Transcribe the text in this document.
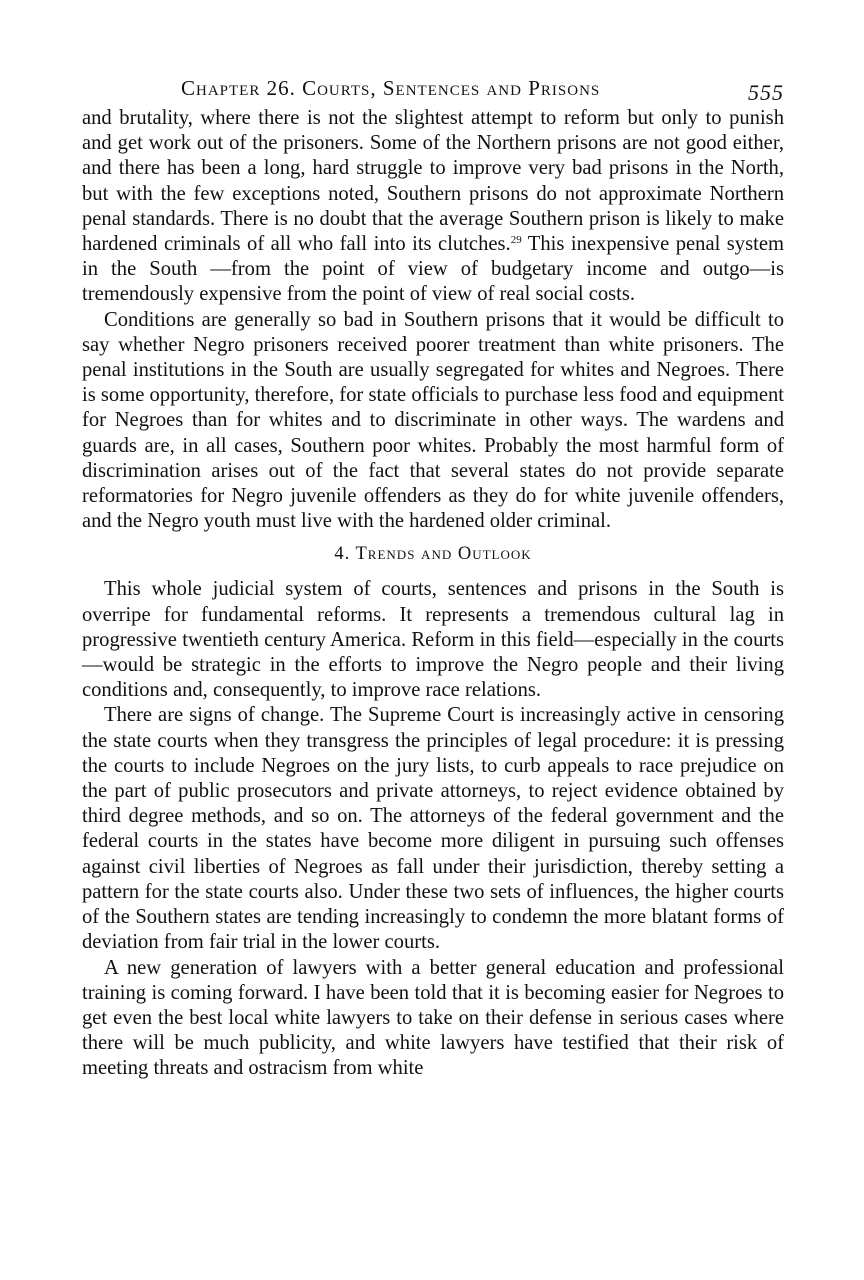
Chapter 26. Courts, Sentences and Prisons	555

and brutality, where there is not the slightest attempt to reform but only to punish and get work out of the prisoners. Some of the Northern prisons are not good either, and there has been a long, hard struggle to improve very bad prisons in the North, but with the few exceptions noted, Southern prisons do not approximate Northern penal standards. There is no doubt that the average Southern prison is likely to make hardened criminals of all who fall into its clutches.$^{29}$ This inexpensive penal system in the South —from the point of view of budgetary income and outgo—is tremendously expensive from the point of view of real social costs.

Conditions are generally so bad in Southern prisons that it would be difficult to say whether Negro prisoners received poorer treatment than white prisoners. The penal institutions in the South are usually segregated for whites and Negroes. There is some opportunity, therefore, for state officials to purchase less food and equipment for Negroes than for whites and to discriminate in other ways. The wardens and guards are, in all cases, Southern poor whites. Probably the most harmful form of discrimination arises out of the fact that several states do not provide separate reformatories for Negro juvenile offenders as they do for white juvenile offenders, and the Negro youth must live with the hardened older criminal.

4. Trends and Outlook

This whole judicial system of courts, sentences and prisons in the South is overripe for fundamental reforms. It represents a tremendous cultural lag in progressive twentieth century America. Reform in this field—especially in the courts—would be strategic in the efforts to improve the Negro people and their living conditions and, consequently, to improve race relations.

There are signs of change. The Supreme Court is increasingly active in censoring the state courts when they transgress the principles of legal procedure: it is pressing the courts to include Negroes on the jury lists, to curb appeals to race prejudice on the part of public prosecutors and private attorneys, to reject evidence obtained by third degree methods, and so on. The attorneys of the federal government and the federal courts in the states have become more diligent in pursuing such offenses against civil liberties of Negroes as fall under their jurisdiction, thereby setting a pattern for the state courts also. Under these two sets of influences, the higher courts of the Southern states are tending increasingly to condemn the more blatant forms of deviation from fair trial in the lower courts.

A new generation of lawyers with a better general education and professional training is coming forward. I have been told that it is becoming easier for Negroes to get even the best local white lawyers to take on their defense in serious cases where there will be much publicity, and white lawyers have testified that their risk of meeting threats and ostracism from white
